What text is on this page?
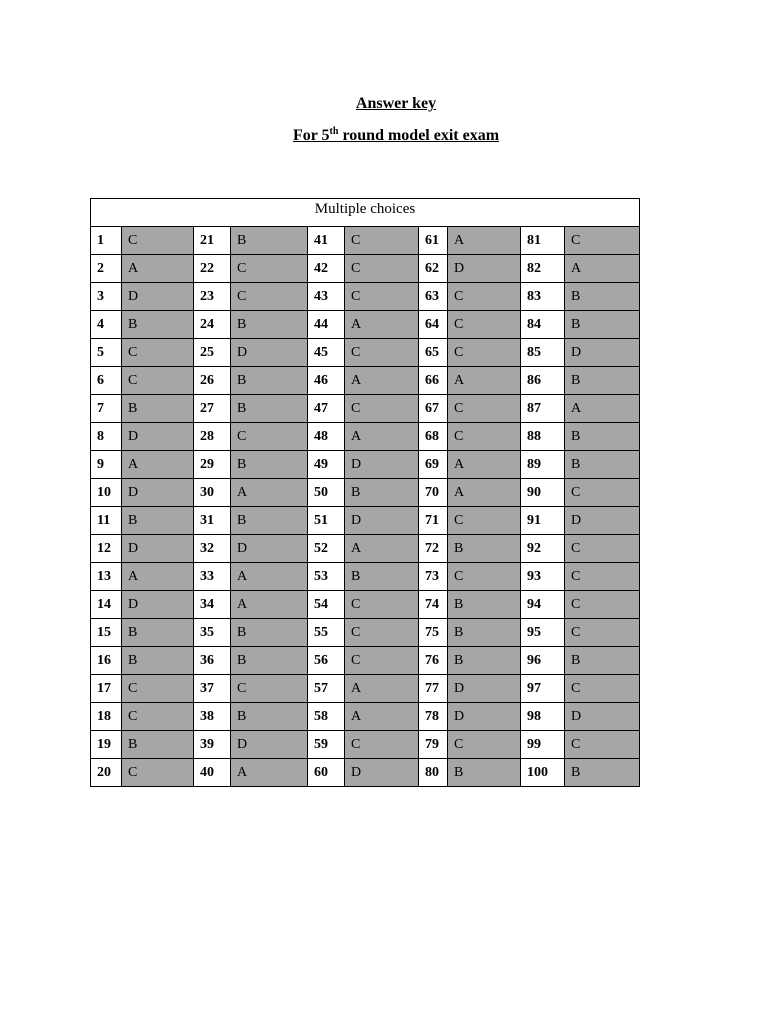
Answer key
For 5th round model exit exam
Multiple choices									
1	C	21	B	41	C	61	A	81	C
2	A	22	C	42	C	62	D	82	A
3	D	23	C	43	C	63	C	83	B
4	B	24	B	44	A	64	C	84	B
5	C	25	D	45	C	65	C	85	D
6	C	26	B	46	A	66	A	86	B
7	B	27	B	47	C	67	C	87	A
8	D	28	C	48	A	68	C	88	B
9	A	29	B	49	D	69	A	89	B
10	D	30	A	50	B	70	A	90	C
11	B	31	B	51	D	71	C	91	D
12	D	32	D	52	A	72	B	92	C
13	A	33	A	53	B	73	C	93	C
14	D	34	A	54	C	74	B	94	C
15	B	35	B	55	C	75	B	95	C
16	B	36	B	56	C	76	B	96	B
17	C	37	C	57	A	77	D	97	C
18	C	38	B	58	A	78	D	98	D
19	B	39	D	59	C	79	C	99	C
20	C	40	A	60	D	80	B	100	B
